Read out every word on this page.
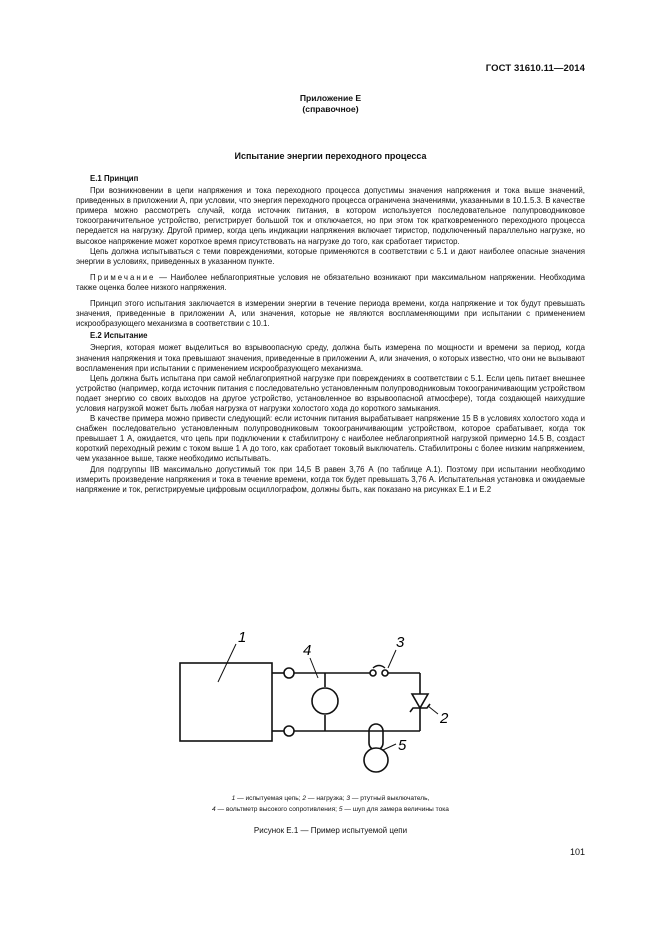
ГОСТ 31610.11—2014
Приложение Е
(справочное)
Испытание энергии переходного процесса

Е.1 Принцип

При возникновении в цепи напряжения и тока переходного процесса допустимы значения напряжения и тока выше значений, приведенных в приложении А, при условии, что энергия переходного процесса ограничена значениями, указанными в 10.1.5.3. В качестве примера можно рассмотреть случай, когда источник питания, в котором используется последовательное полупроводниковое токоограничительное устройство, регистрирует большой ток и отключается, но при этом ток кратковременного переходного процесса передается на нагрузку. Другой пример, когда цепь индикации напряжения включает тиристор, подключенный параллельно нагрузке, но высокое напряжение может короткое время присутствовать на нагрузке до того, как сработает тиристор.

Цепь должна испытываться с теми повреждениями, которые применяются в соответствии с 5.1 и дают наиболее опасные значения энергии в условиях, приведенных в указанном пункте.

Примечание — Наиболее неблагоприятные условия не обязательно возникают при максимальном напряжении. Необходима также оценка более низкого напряжения.

Принцип этого испытания заключается в измерении энергии в течение периода времени, когда напряжение и ток будут превышать значения, приведенные в приложении А, или значения, которые не являются воспламеняющими при испытании с применением искрообразующего механизма в соответствии с 10.1.

Е.2 Испытание

Энергия, которая может выделиться во взрывоопасную среду, должна быть измерена по мощности и времени за период, когда значения напряжения и тока превышают значения, приведенные в приложении А, или значения, о которых известно, что они не вызывают воспламенения при испытании с применением искрообразующего механизма.

Цепь должна быть испытана при самой неблагоприятной нагрузке при повреждениях в соответствии с 5.1. Если цепь питает внешнее устройство (например, когда источник питания с последовательно установленным полупроводниковым токоограничивающим устройством подает энергию со своих выходов на другое устройство, установленное во взрывоопасной атмосфере), тогда создающей наихудшие условия нагрузкой может быть любая нагрузка от нагрузки холостого хода до короткого замыкания.

В качестве примера можно привести следующий: если источник питания вырабатывает напряжение 15 В в условиях холостого хода и снабжен последовательно установленным полупроводниковым токоограничивающим устройством, которое срабатывает, когда ток превышает 1 А, ожидается, что цепь при подключении к стабилитрону с наиболее неблагоприятной нагрузкой примерно 14.5 В, создаст короткий переходный режим с током выше 1 А до того, как сработает токовый выключатель. Стабилитроны с более низким напряжением, чем указанное выше, также необходимо испытывать.

Для подгруппы IIВ максимально допустимый ток при 14,5 В равен 3,76 А (по таблице А.1). Поэтому при испытании необходимо измерить произведение напряжения и тока в течение времени, когда ток будет превышать 3,76 А. Испытательная установка и ожидаемые напряжение и ток, регистрируемые цифровым осциллографом, должны быть, как показано на рисунках Е.1 и Е.2

1
4	3
2
5
1 — испытуемая цепь; 2 — нагрузка; 3 — ртутный выключатель,
4 — вольтметр высокого сопротивления; 5 — шуп для замера величины тока
Рисунок Е.1 — Пример испытуемой цепи
101
